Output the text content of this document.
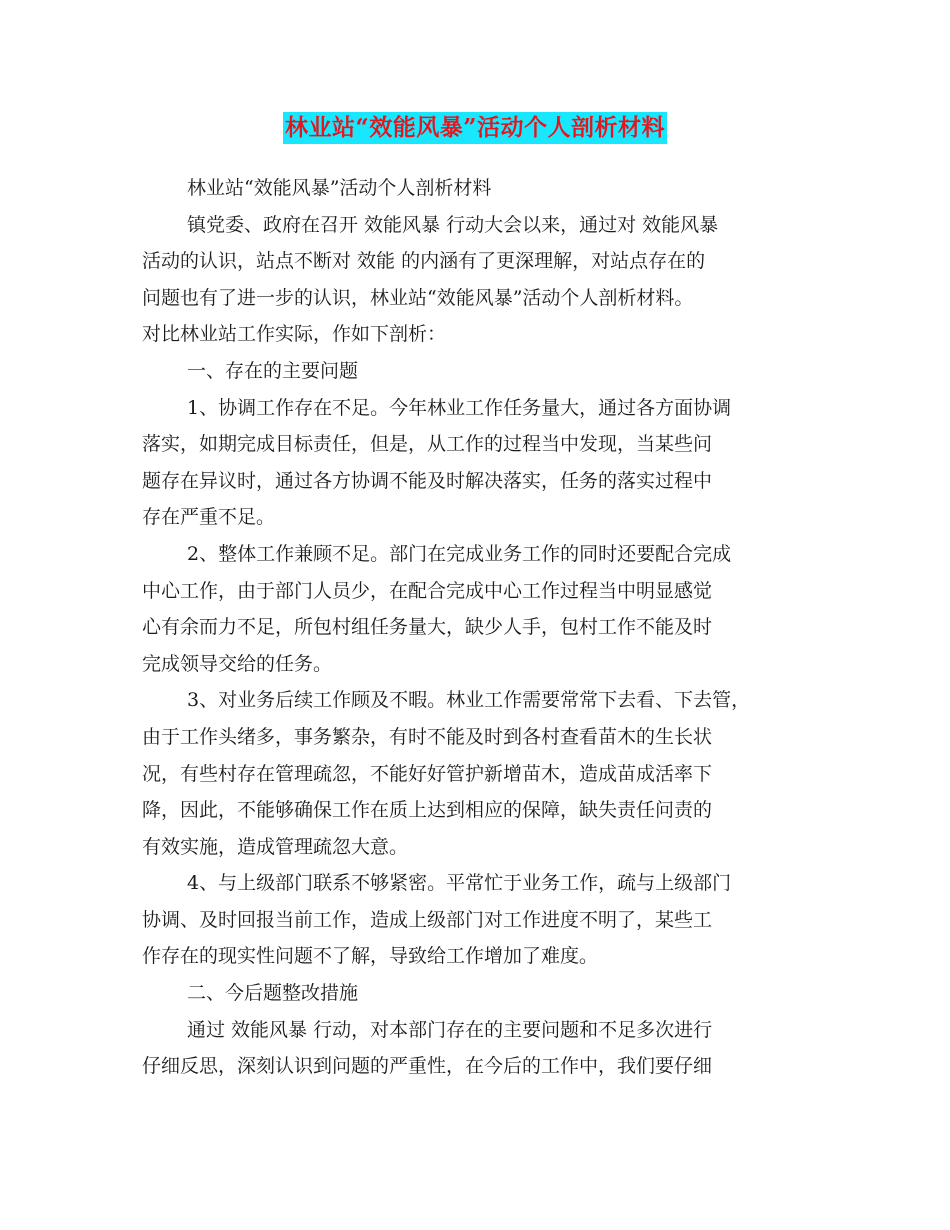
林业站“效能风暴”活动个人剖析材料

林业站“效能风暴”活动个人剖析材料

镇党委、政府在召开 效能风暴 行动大会以来，通过对 效能风暴

活动的认识，站点不断对 效能 的内涵有了更深理解，对站点存在的

问题也有了进一步的认识，林业站“效能风暴”活动个人剖析材料。

对比林业站工作实际，作如下剖析：

一、存在的主要问题

1、协调工作存在不足。今年林业工作任务量大，通过各方面协调

落实，如期完成目标责任，但是，从工作的过程当中发现，当某些问

题存在异议时，通过各方协调不能及时解决落实，任务的落实过程中

存在严重不足。

2、整体工作兼顾不足。部门在完成业务工作的同时还要配合完成

中心工作，由于部门人员少，在配合完成中心工作过程当中明显感觉

心有余而力不足，所包村组任务量大，缺少人手，包村工作不能及时

完成领导交给的任务。

3、对业务后续工作顾及不暇。林业工作需要常常下去看、下去管，

由于工作头绪多，事务繁杂，有时不能及时到各村查看苗木的生长状

况，有些村存在管理疏忽，不能好好管护新增苗木，造成苗成活率下

降，因此，不能够确保工作在质上达到相应的保障，缺失责任问责的

有效实施，造成管理疏忽大意。

4、与上级部门联系不够紧密。平常忙于业务工作，疏与上级部门

协调、及时回报当前工作，造成上级部门对工作进度不明了，某些工

作存在的现实性问题不了解，导致给工作增加了难度。

二、今后题整改措施

通过 效能风暴 行动，对本部门存在的主要问题和不足多次进行

仔细反思，深刻认识到问题的严重性，在今后的工作中，我们要仔细
